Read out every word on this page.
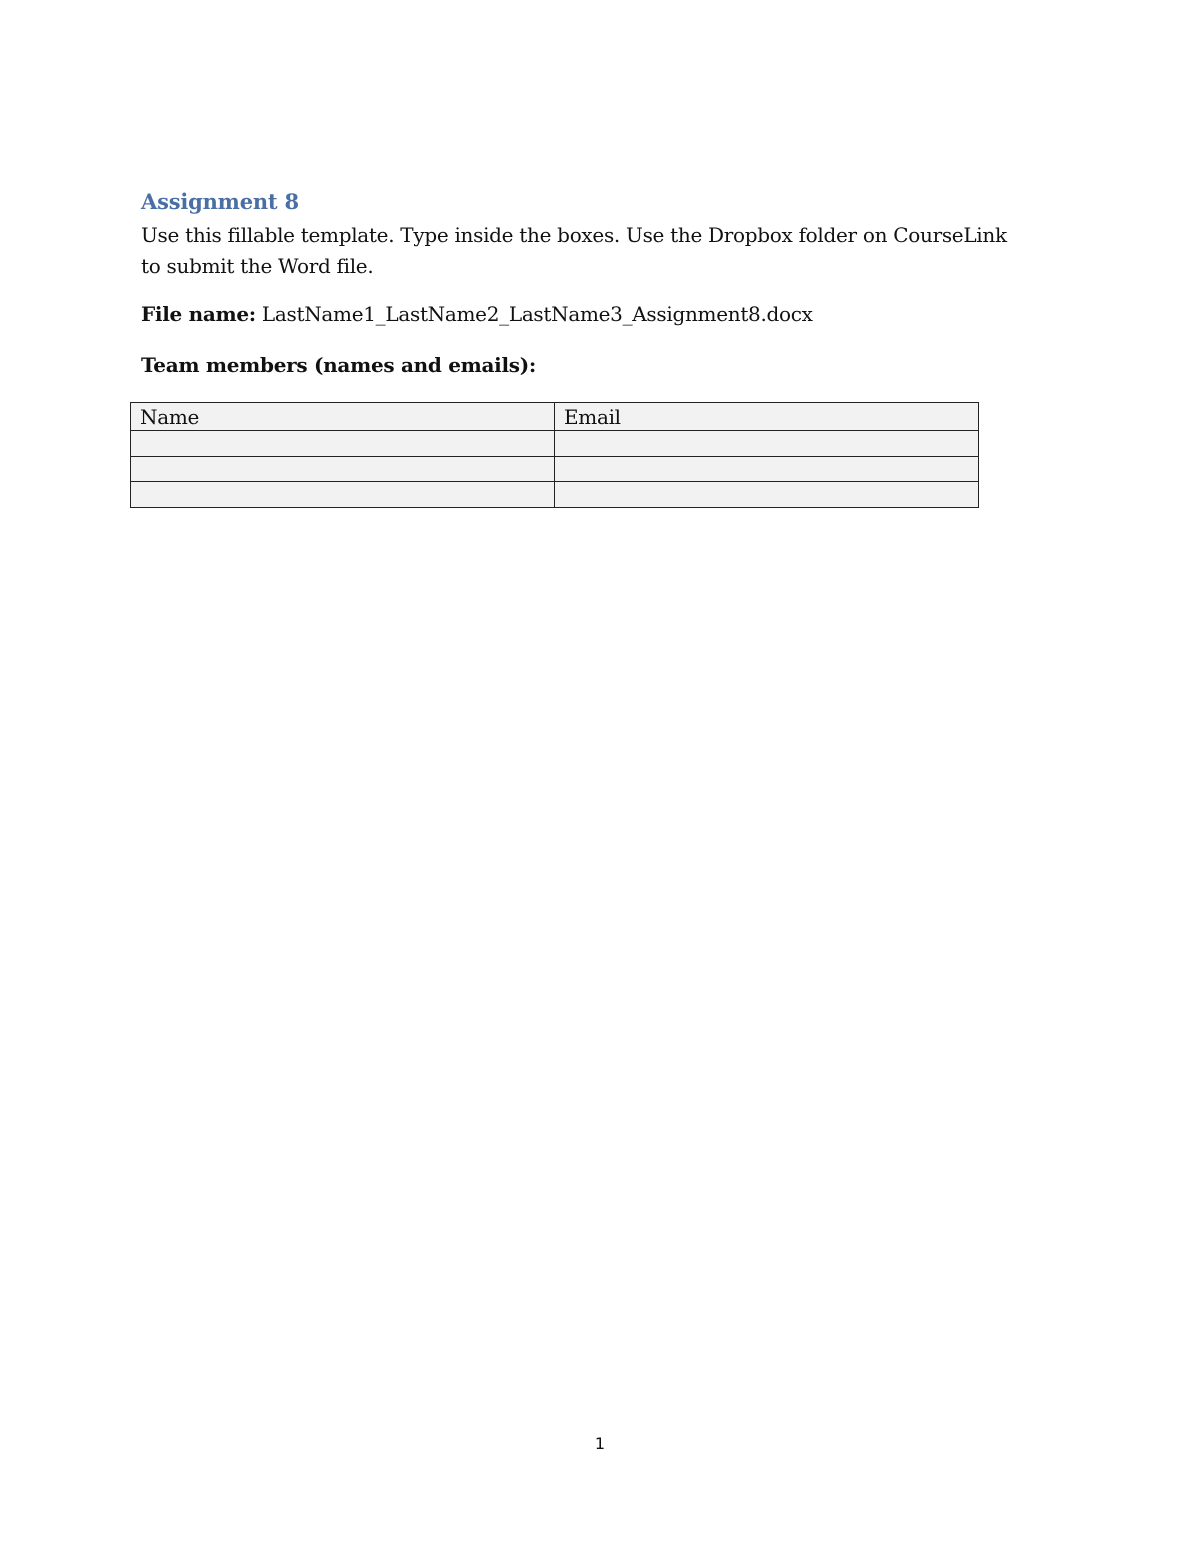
Assignment 8
Use this fillable template. Type inside the boxes. Use the Dropbox folder on CourseLink to submit the Word file.
File name: LastName1_LastName2_LastName3_Assignment8.docx
Team members (names and emails):
Name	Email

1
